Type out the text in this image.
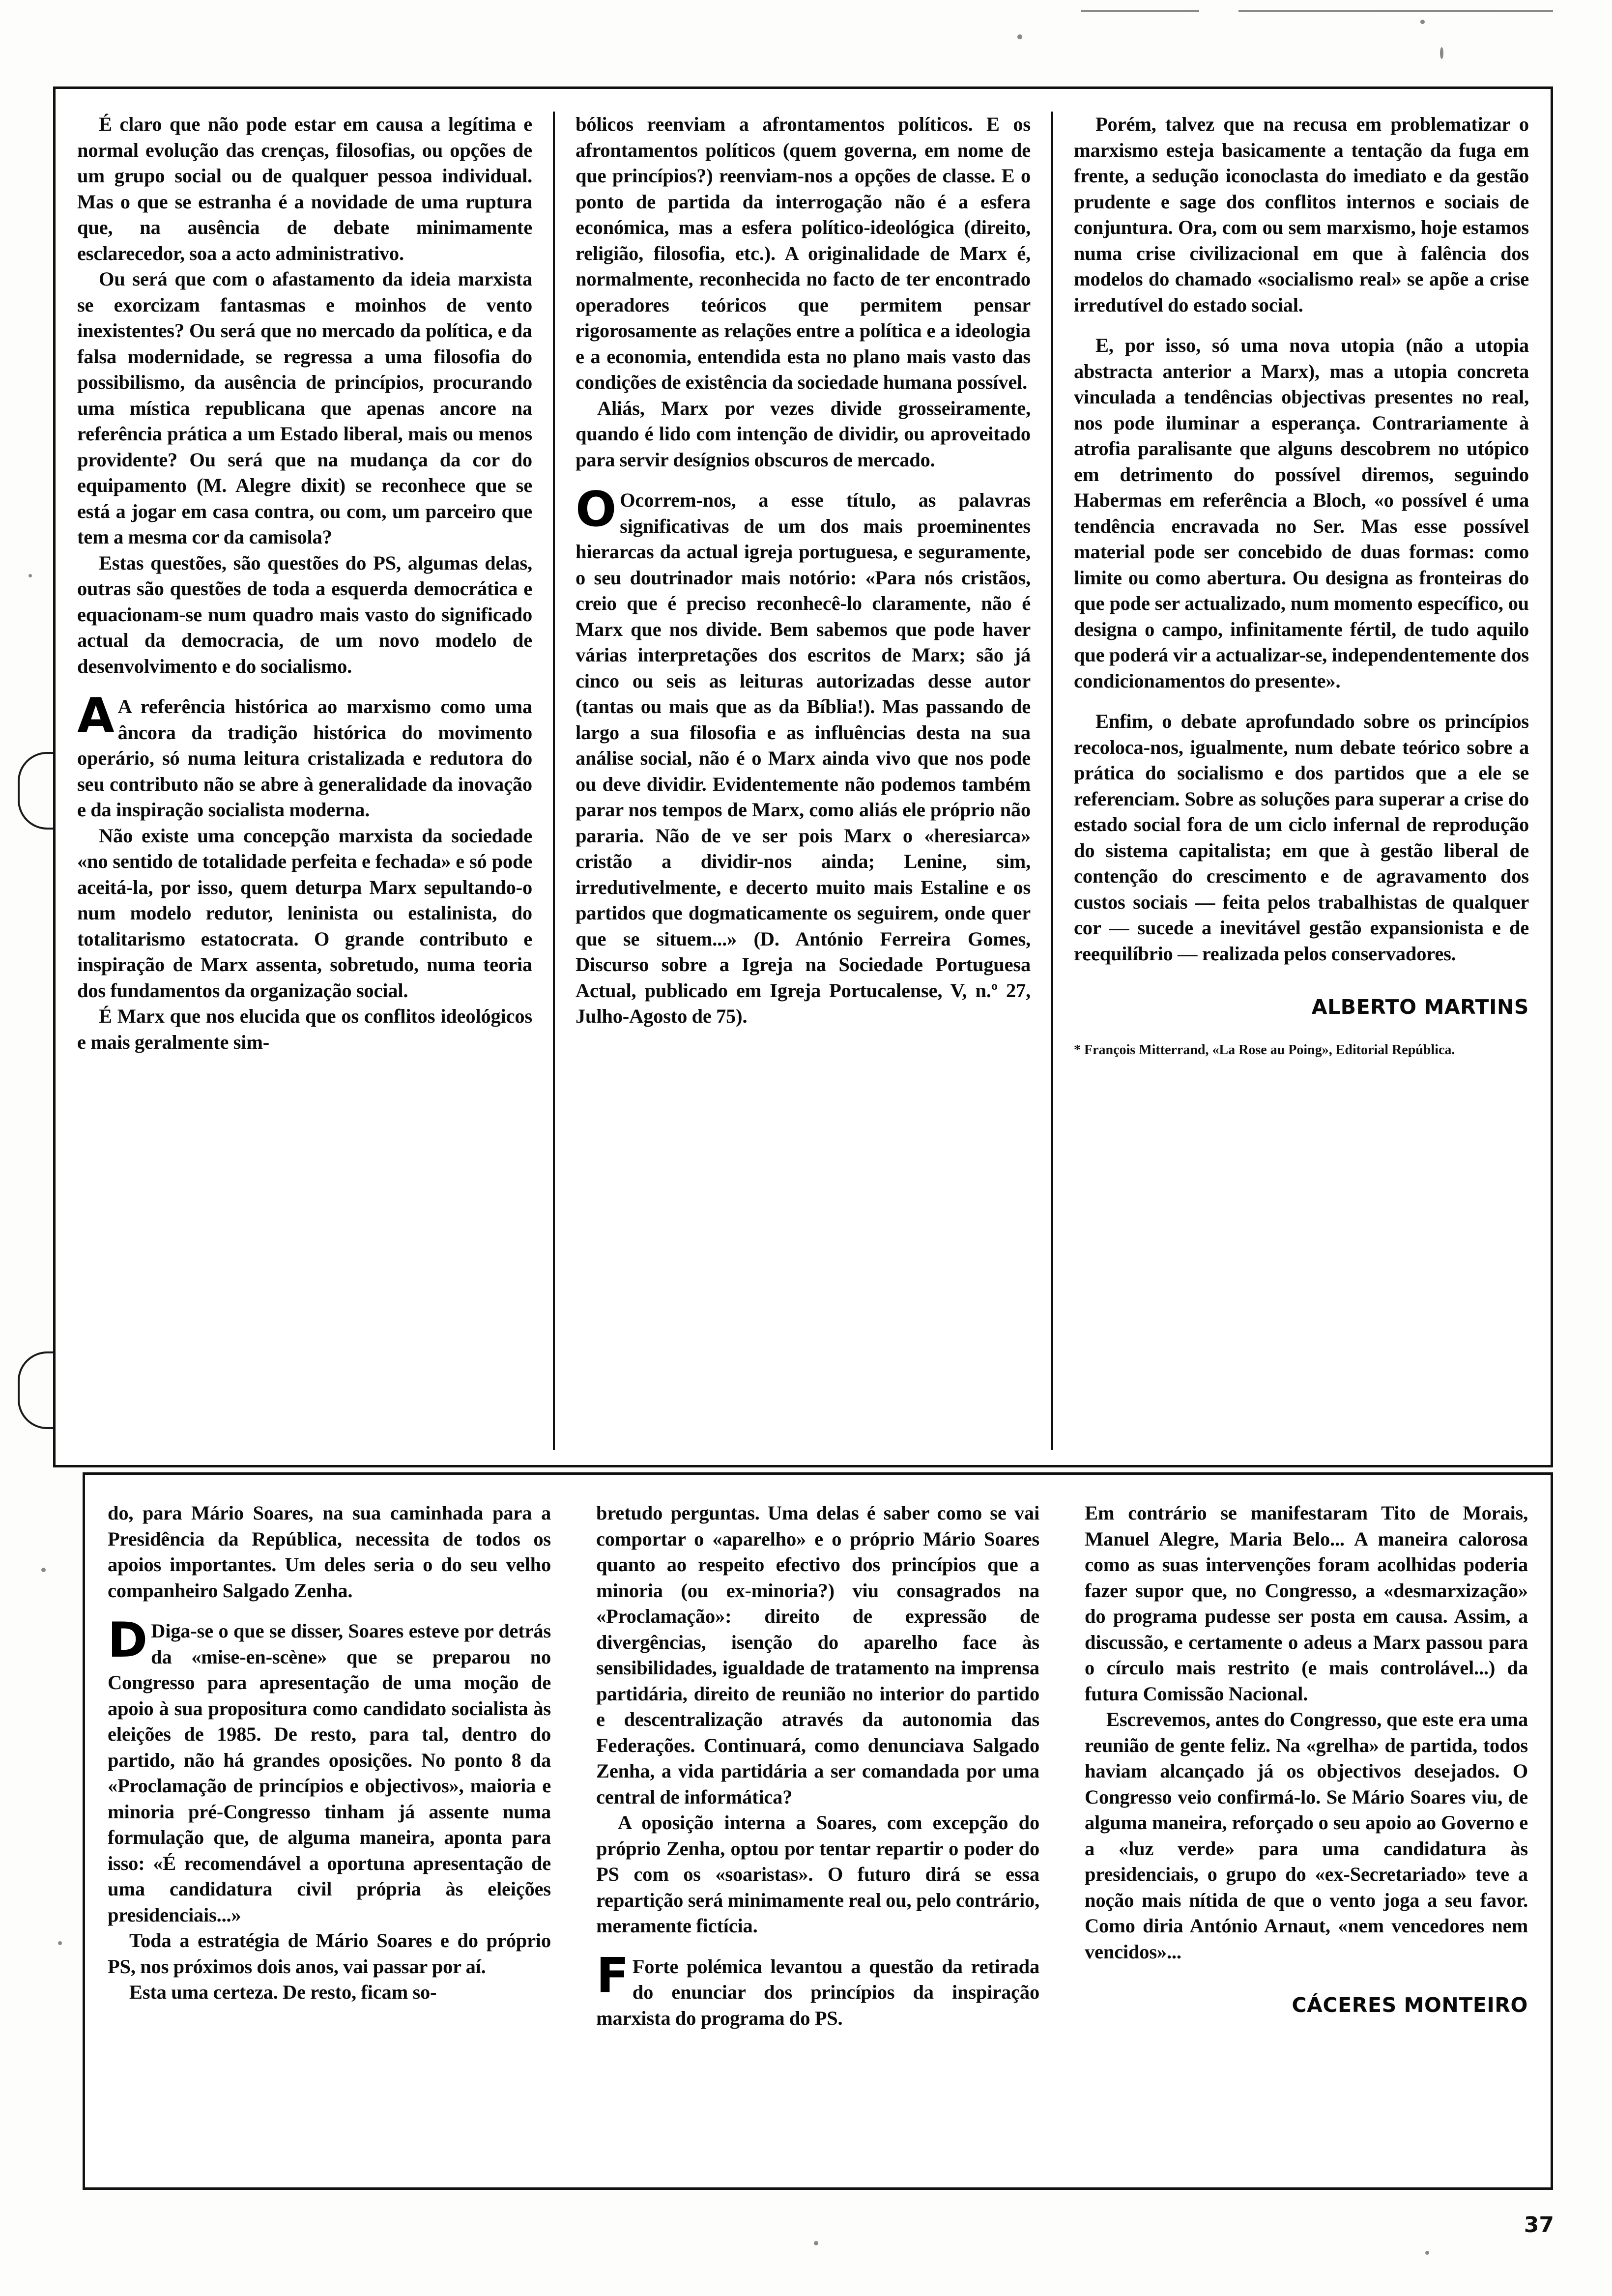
É claro que não pode estar em causa a legítima e normal evolução das crenças, filosofias, ou opções de um grupo social ou de qualquer pessoa individual. Mas o que se estranha é a novidade de uma ruptura que, na ausência de debate minimamente esclarecedor, soa a acto administrativo.

Ou será que com o afastamento da ideia marxista se exorcizam fantasmas e moinhos de vento inexistentes? Ou será que no mercado da política, e da falsa modernidade, se regressa a uma filosofia do possibilismo, da ausência de princípios, procurando uma mística republicana que apenas ancore na referência prática a um Estado liberal, mais ou menos providente? Ou será que na mudança da cor do equipamento (M. Alegre dixit) se reconhece que se está a jogar em casa contra, ou com, um parceiro que tem a mesma cor da camisola?

Estas questões, são questões do PS, algumas delas, outras são questões de toda a esquerda democrática e equacionam-se num quadro mais vasto do significado actual da democracia, de um novo modelo de desenvolvimento e do socialismo.

A A referência histórica ao marxismo como uma âncora da tradição histórica do movimento operário, só numa leitura cristalizada e redutora do seu contributo não se abre à generalidade da inovação e da inspiração socialista moderna.

Não existe uma concepção marxista da sociedade «no sentido de totalidade perfeita e fechada» e só pode aceitá-la, por isso, quem deturpa Marx sepultando-o num modelo redutor, leninista ou estalinista, do totalitarismo estatocrata. O grande contributo e inspiração de Marx assenta, sobretudo, numa teoria dos fundamentos da organização social.

É Marx que nos elucida que os conflitos ideológicos e mais geralmente sim-

bólicos reenviam a afrontamentos políticos. E os afrontamentos políticos (quem governa, em nome de que princípios?) reenviam-nos a opções de classe. E o ponto de partida da interrogação não é a esfera económica, mas a esfera político-ideológica (direito, religião, filosofia, etc.). A originalidade de Marx é, normalmente, reconhecida no facto de ter encontrado operadores teóricos que permitem pensar rigorosamente as relações entre a política e a ideologia e a economia, entendida esta no plano mais vasto das condições de existência da sociedade humana possível.

Aliás, Marx por vezes divide grosseiramente, quando é lido com intenção de dividir, ou aproveitado para servir desígnios obscuros de mercado.

O Ocorrem-nos, a esse título, as palavras significativas de um dos mais proeminentes hierarcas da actual igreja portuguesa, e seguramente, o seu doutrinador mais notório: «Para nós cristãos, creio que é preciso reconhecê-lo claramente, não é Marx que nos divide. Bem sabemos que pode haver várias interpretações dos escritos de Marx; são já cinco ou seis as leituras autorizadas desse autor (tantas ou mais que as da Bíblia!). Mas passando de largo a sua filosofia e as influências desta na sua análise social, não é o Marx ainda vivo que nos pode ou deve dividir. Evidentemente não podemos também parar nos tempos de Marx, como aliás ele próprio não pararia. Não de ve ser pois Marx o «heresiarca» cristão a dividir-nos ainda; Lenine, sim, irredutivelmente, e decerto muito mais Estaline e os partidos que dogmaticamente os seguirem, onde quer que se situem...» (D. António Ferreira Gomes, Discurso sobre a Igreja na Sociedade Portuguesa Actual, publicado em Igreja Portucalense, V, n.º 27, Julho-Agosto de 75).

Porém, talvez que na recusa em problematizar o marxismo esteja basicamente a tentação da fuga em frente, a sedução iconoclasta do imediato e da gestão prudente e sage dos conflitos internos e sociais de conjuntura. Ora, com ou sem marxismo, hoje estamos numa crise civilizacional em que à falência dos modelos do chamado «socialismo real» se apõe a crise irredutível do estado social.

E, por isso, só uma nova utopia (não a utopia abstracta anterior a Marx), mas a utopia concreta vinculada a tendências objectivas presentes no real, nos pode iluminar a esperança. Contrariamente à atrofia paralisante que alguns descobrem no utópico em detrimento do possível diremos, seguindo Habermas em referência a Bloch, «o possível é uma tendência encravada no Ser. Mas esse possível material pode ser concebido de duas formas: como limite ou como abertura. Ou designa as fronteiras do que pode ser actualizado, num momento específico, ou designa o campo, infinitamente fértil, de tudo aquilo que poderá vir a actualizar-se, independentemente dos condicionamentos do presente».

Enfim, o debate aprofundado sobre os princípios recoloca-nos, igualmente, num debate teórico sobre a prática do socialismo e dos partidos que a ele se referenciam. Sobre as soluções para superar a crise do estado social fora de um ciclo infernal de reprodução do sistema capitalista; em que à gestão liberal de contenção do crescimento e de agravamento dos custos sociais — feita pelos trabalhistas de qualquer cor — sucede a inevitável gestão expansionista e de reequilíbrio — realizada pelos conservadores.

ALBERTO MARTINS

* François Mitterrand, «La Rose au Poing», Editorial República.

do, para Mário Soares, na sua caminhada para a Presidência da República, necessita de todos os apoios importantes. Um deles seria o do seu velho companheiro Salgado Zenha.

D Diga-se o que se disser, Soares esteve por detrás da «mise-en-scène» que se preparou no Congresso para apresentação de uma moção de apoio à sua propositura como candidato socialista às eleições de 1985. De resto, para tal, dentro do partido, não há grandes oposições. No ponto 8 da «Proclamação de princípios e objectivos», maioria e minoria pré-Congresso tinham já assente numa formulação que, de alguma maneira, aponta para isso: «É recomendável a oportuna apresentação de uma candidatura civil própria às eleições presidenciais...»

Toda a estratégia de Mário Soares e do próprio PS, nos próximos dois anos, vai passar por aí.

Esta uma certeza. De resto, ficam so-

bretudo perguntas. Uma delas é saber como se vai comportar o «aparelho» e o próprio Mário Soares quanto ao respeito efectivo dos princípios que a minoria (ou ex-minoria?) viu consagrados na «Proclamação»: direito de expressão de divergências, isenção do aparelho face às sensibilidades, igualdade de tratamento na imprensa partidária, direito de reunião no interior do partido e descentralização através da autonomia das Federações. Continuará, como denunciava Salgado Zenha, a vida partidária a ser comandada por uma central de informática?

A oposição interna a Soares, com excepção do próprio Zenha, optou por tentar repartir o poder do PS com os «soaristas». O futuro dirá se essa repartição será minimamente real ou, pelo contrário, meramente fictícia.

F Forte polémica levantou a questão da retirada do enunciar dos princípios da inspiração marxista do programa do PS.

Em contrário se manifestaram Tito de Morais, Manuel Alegre, Maria Belo... A maneira calorosa como as suas intervenções foram acolhidas poderia fazer supor que, no Congresso, a «desmarxização» do programa pudesse ser posta em causa. Assim, a discussão, e certamente o adeus a Marx passou para o círculo mais restrito (e mais controlável...) da futura Comissão Nacional.

Escrevemos, antes do Congresso, que este era uma reunião de gente feliz. Na «grelha» de partida, todos haviam alcançado já os objectivos desejados. O Congresso veio confirmá-lo. Se Mário Soares viu, de alguma maneira, reforçado o seu apoio ao Governo e a «luz verde» para uma candidatura às presidenciais, o grupo do «ex-Secretariado» teve a noção mais nítida de que o vento joga a seu favor. Como diria António Arnaut, «nem vencedores nem vencidos»...

CÁCERES MONTEIRO
37
